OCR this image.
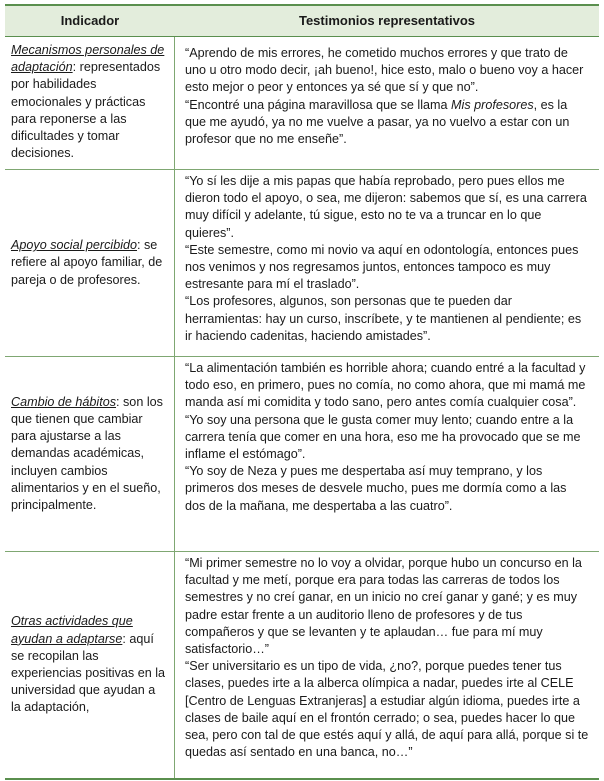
Indicador	Testimonios representativos

Mecanismos personales de adaptación: representados por habilidades emocionales y prácticas para reponerse a las dificultades y tomar decisiones.

“Aprendo de mis errores, he cometido muchos errores y que trato de uno u otro modo decir, ¡ah bueno!, hice esto, malo o bueno voy a hacer esto mejor o peor y entonces ya sé que sí y que no”.

“Encontré una página maravillosa que se llama Mis profesores, es la que me ayudó, ya no me vuelve a pasar, ya no vuelvo a estar con un profesor que no me enseñe”.

Apoyo social percibido: se refiere al apoyo familiar, de pareja o de profesores.

“Yo sí les dije a mis papas que había reprobado, pero pues ellos me dieron todo el apoyo, o sea, me dijeron: sabemos que sí, es una carrera muy difícil y adelante, tú sigue, esto no te va a truncar en lo que quieres”.

“Este semestre, como mi novio va aquí en odontología, entonces pues nos venimos y nos regresamos juntos, entonces tampoco es muy estresante para mí el traslado”.

“Los profesores, algunos, son personas que te pueden dar herramientas: hay un curso, inscríbete, y te mantienen al pendiente; es ir haciendo cadenitas, haciendo amistades”.

Cambio de hábitos: son los que tienen que cambiar para ajustarse a las demandas académicas, incluyen cambios alimentarios y en el sueño, principalmente.

“La alimentación también es horrible ahora; cuando entré a la facultad y todo eso, en primero, pues no comía, no como ahora, que mi mamá me manda así mi comidita y todo sano, pero antes comía cualquier cosa”.

“Yo soy una persona que le gusta comer muy lento; cuando entre a la carrera tenía que comer en una hora, eso me ha provocado que se me inflame el estómago”.

“Yo soy de Neza y pues me despertaba así muy temprano, y los primeros dos meses de desvele mucho, pues me dormía como a las dos de la mañana, me despertaba a las cuatro”.

Otras actividades que ayudan a adaptarse: aquí se recopilan las experiencias positivas en la universidad que ayudan a la adaptación,

“Mi primer semestre no lo voy a olvidar, porque hubo un concurso en la facultad y me metí, porque era para todas las carreras de todos los semestres y no creí ganar, en un inicio no creí ganar y gané; y es muy padre estar frente a un auditorio lleno de profesores y de tus compañeros y que se levanten y te aplaudan… fue para mí muy satisfactorio…”

“Ser universitario es un tipo de vida, ¿no?, porque puedes tener tus clases, puedes irte a la alberca olímpica a nadar, puedes irte al CELE [Centro de Lenguas Extranjeras] a estudiar algún idioma, puedes irte a clases de baile aquí en el frontón cerrado; o sea, puedes hacer lo que sea, pero con tal de que estés aquí y allá, de aquí para allá, porque si te quedas así sentado en una banca, no…”
